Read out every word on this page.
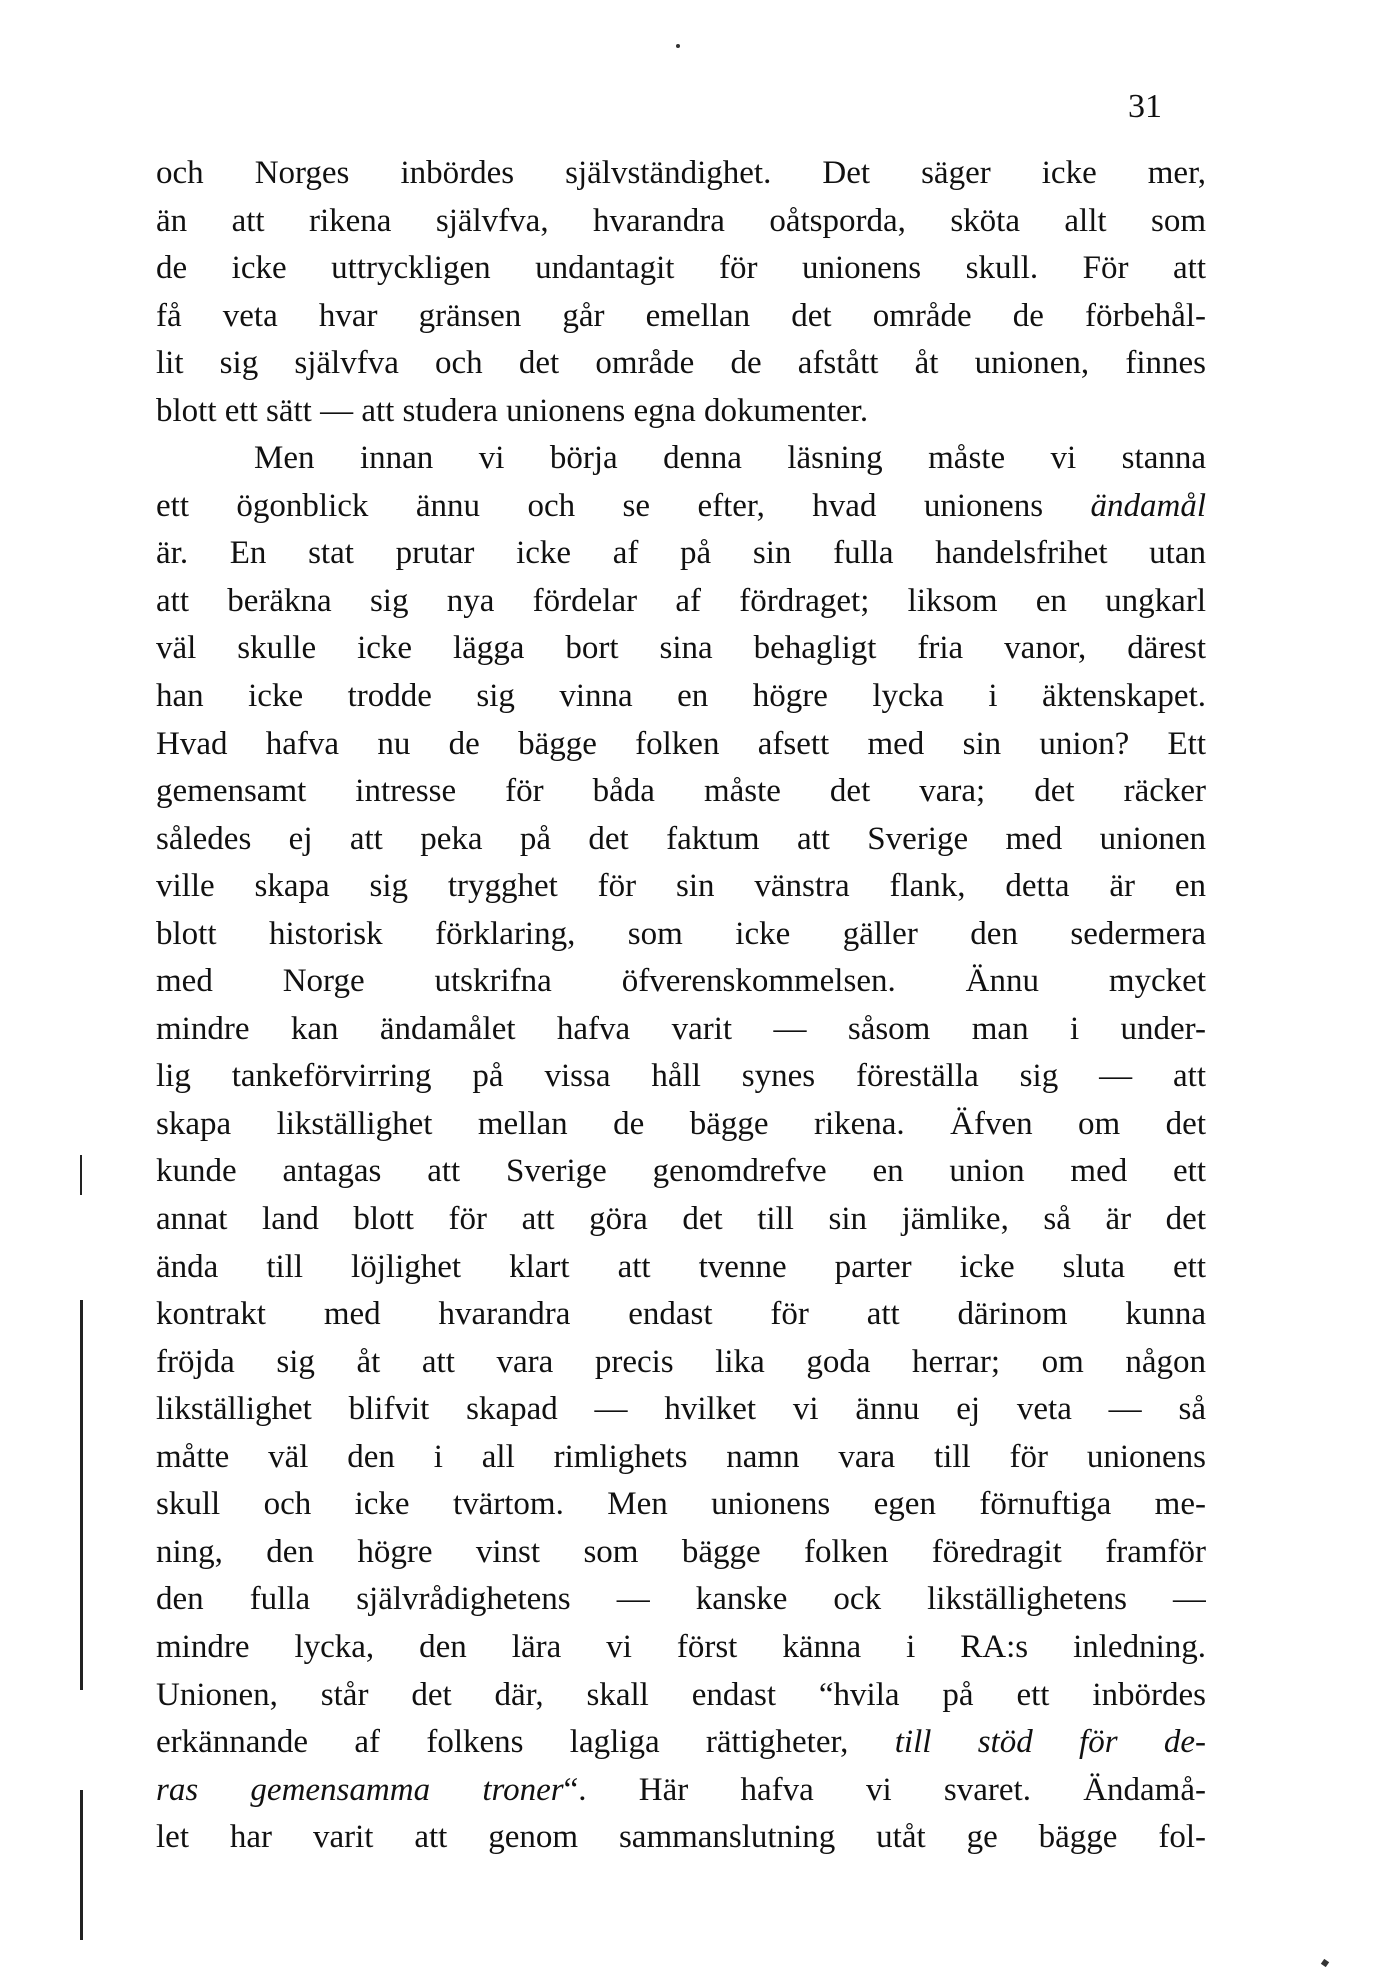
31
och Norges inbördes självständighet. Det säger icke mer,
än att rikena självfva, hvarandra oåtsporda, sköta allt som
de icke uttryckligen undantagit för unionens skull. För att
få veta hvar gränsen går emellan det område de förbehål-
lit sig självfva och det område de afstått åt unionen, finnes
blott ett sätt — att studera unionens egna dokumenter.
Men innan vi börja denna läsning måste vi stanna
ett ögonblick ännu och se efter, hvad unionens ändamål
är. En stat prutar icke af på sin fulla handelsfrihet utan
att beräkna sig nya fördelar af fördraget; liksom en ungkarl
väl skulle icke lägga bort sina behagligt fria vanor, därest
han icke trodde sig vinna en högre lycka i äktenskapet.
Hvad hafva nu de bägge folken afsett med sin union? Ett
gemensamt intresse för båda måste det vara; det räcker
således ej att peka på det faktum att Sverige med unionen
ville skapa sig trygghet för sin vänstra flank, detta är en
blott historisk förklaring, som icke gäller den sedermera
med Norge utskrifna öfverenskommelsen. Ännu mycket
mindre kan ändamålet hafva varit — såsom man i under-
lig tankeförvirring på vissa håll synes föreställa sig — att
skapa likställighet mellan de bägge rikena. Äfven om det
kunde antagas att Sverige genomdrefve en union med ett
annat land blott för att göra det till sin jämlike, så är det
ända till löjlighet klart att tvenne parter icke sluta ett
kontrakt med hvarandra endast för att därinom kunna
fröjda sig åt att vara precis lika goda herrar; om någon
likställighet blifvit skapad — hvilket vi ännu ej veta — så
måtte väl den i all rimlighets namn vara till för unionens
skull och icke tvärtom. Men unionens egen förnuftiga me-
ning, den högre vinst som bägge folken föredragit framför
den fulla självrådighetens — kanske ock likställighetens —
mindre lycka, den lära vi först känna i RA:s inledning.
Unionen, står det där, skall endast “hvila på ett inbördes
erkännande af folkens lagliga rättigheter, till stöd för de-
ras gemensamma troner“. Här hafva vi svaret. Ändamå-
let har varit att genom sammanslutning utåt ge bägge fol-
